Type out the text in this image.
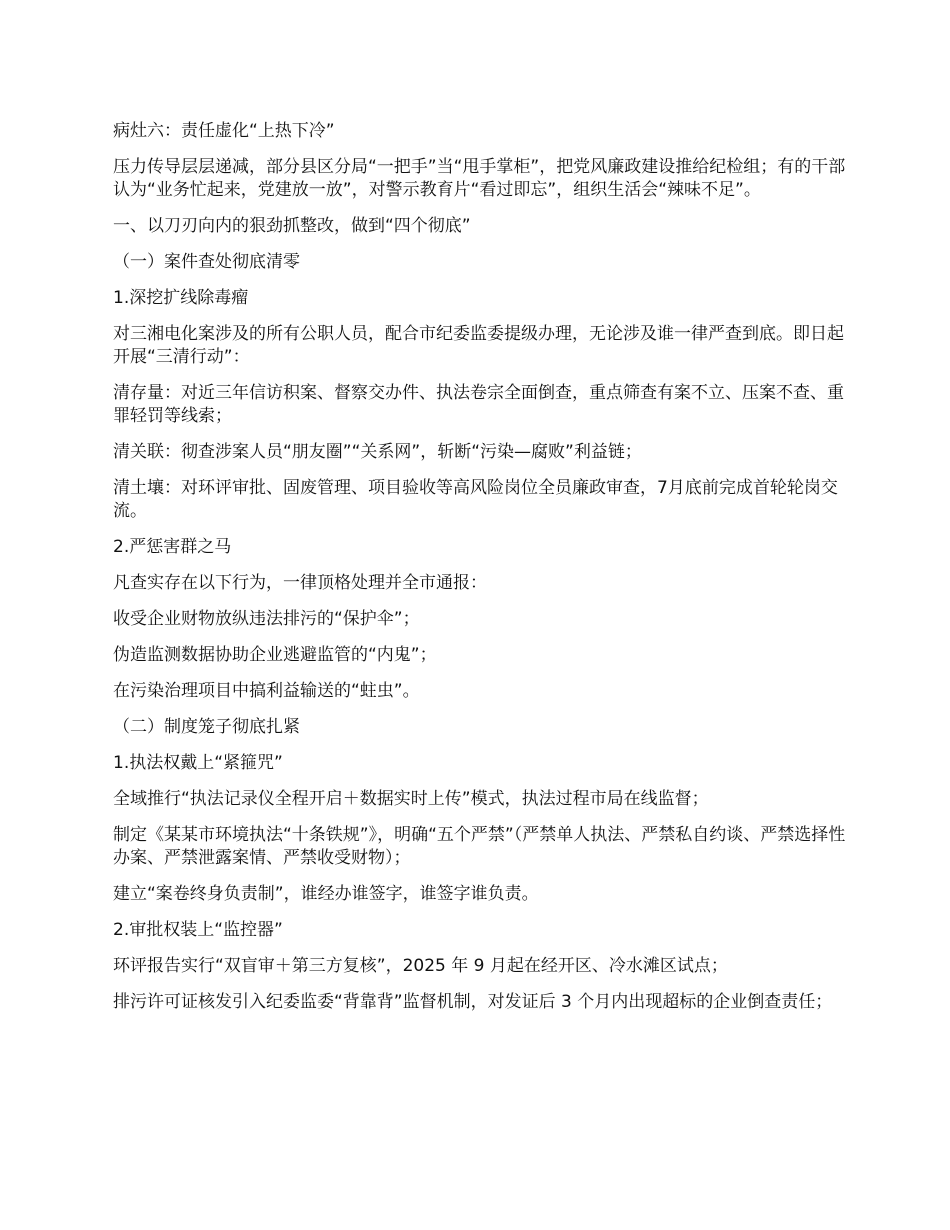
病灶六：责任虚化“上热下冷”

压力传导层层递减，部分县区分局“一把手”当“甩手掌柜”，把党风廉政建设推给纪检组；有的干部认为“业务忙起来，党建放一放”，对警示教育片“看过即忘”，组织生活会“辣味不足”。

一、以刀刃向内的狠劲抓整改，做到“四个彻底”

（一）案件查处彻底清零

1.深挖扩线除毒瘤

对三湘电化案涉及的所有公职人员，配合市纪委监委提级办理，无论涉及谁一律严查到底。即日起开展“三清行动”：

清存量：对近三年信访积案、督察交办件、执法卷宗全面倒查，重点筛查有案不立、压案不查、重罪轻罚等线索；

清关联：彻查涉案人员“朋友圈”“关系网”，斩断“污染—腐败”利益链；

清土壤：对环评审批、固废管理、项目验收等高风险岗位全员廉政审查，7月底前完成首轮轮岗交流。

2.严惩害群之马

凡查实存在以下行为，一律顶格处理并全市通报：

收受企业财物放纵违法排污的“保护伞”；

伪造监测数据协助企业逃避监管的“内鬼”；

在污染治理项目中搞利益输送的“蛀虫”。

（二）制度笼子彻底扎紧

1.执法权戴上“紧箍咒”

全域推行“执法记录仪全程开启＋数据实时上传”模式，执法过程市局在线监督；

制定《某某市环境执法“十条铁规”》，明确“五个严禁”（严禁单人执法、严禁私自约谈、严禁选择性办案、严禁泄露案情、严禁收受财物）；

建立“案卷终身负责制”，谁经办谁签字，谁签字谁负责。

2.审批权装上“监控器”

环评报告实行“双盲审＋第三方复核”，2025 年 9 月起在经开区、冷水滩区试点；

排污许可证核发引入纪委监委“背靠背”监督机制，对发证后 3 个月内出现超标的企业倒查责任；
